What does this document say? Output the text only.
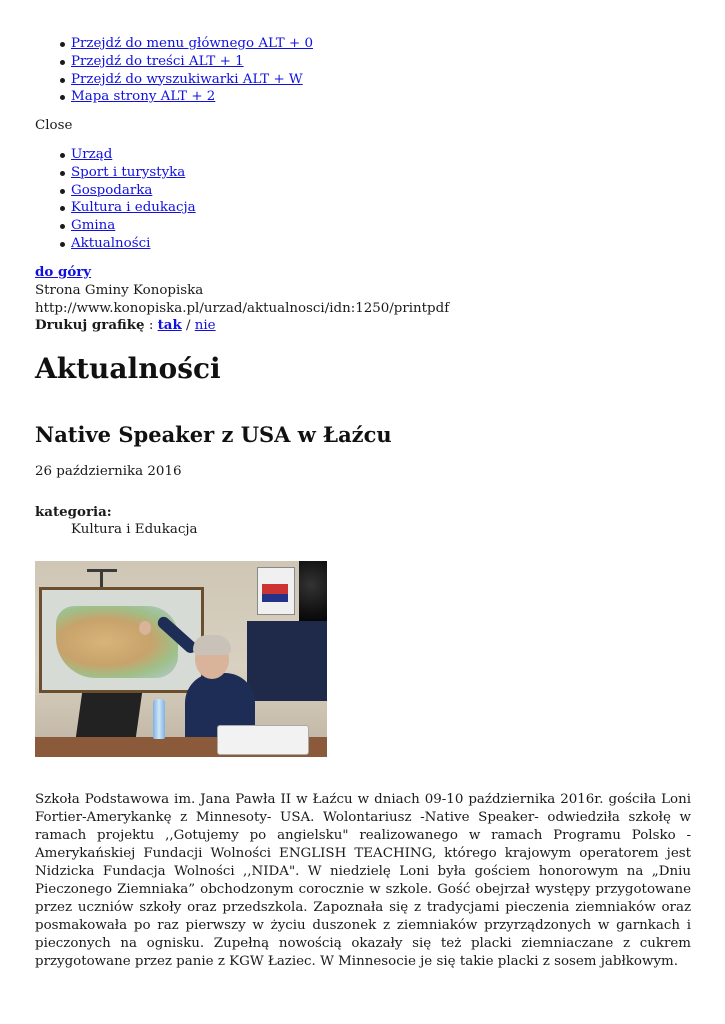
Przejdź do menu głównego ALT + 0
Przejdź do treści ALT + 1
Przejdź do wyszukiwarki ALT + W
Mapa strony ALT + 2
Close
Urząd
Sport i turystyka
Gospodarka
Kultura i edukacja
Gmina
Aktualności
do góry
Strona Gminy Konopiska
http://www.konopiska.pl/urzad/aktualnosci/idn:1250/printpdf
Drukuj grafikę : tak / nie
Aktualności
Native Speaker z USA w Łaźcu
26 października 2016
kategoria:
Kultura i Edukacja
Szkoła Podstawowa im. Jana Pawła II w Łaźcu w dniach 09-10 października 2016r. gościła Loni Fortier-Amerykankę z Minnesoty- USA. Wolontariusz -Native Speaker- odwiedziła szkołę w ramach projektu ,,Gotujemy po angielsku" realizowanego w ramach Programu Polsko - Amerykańskiej Fundacji Wolności ENGLISH TEACHING, którego krajowym operatorem jest Nidzicka Fundacja Wolności ,,NIDA". W niedzielę Loni była gościem honorowym na „Dniu Pieczonego Ziemniaka” obchodzonym corocznie w szkole. Gość obejrzał występy przygotowane przez uczniów szkoły oraz przedszkola. Zapoznała się z tradycjami pieczenia ziemniaków oraz posmakowała po raz pierwszy w życiu duszonek z ziemniaków przyrządzonych w garnkach i pieczonych na ognisku. Zupełną nowością okazały się też placki ziemniaczane z cukrem przygotowane przez panie z KGW Łaziec. W Minnesocie je się takie placki z sosem jabłkowym.
